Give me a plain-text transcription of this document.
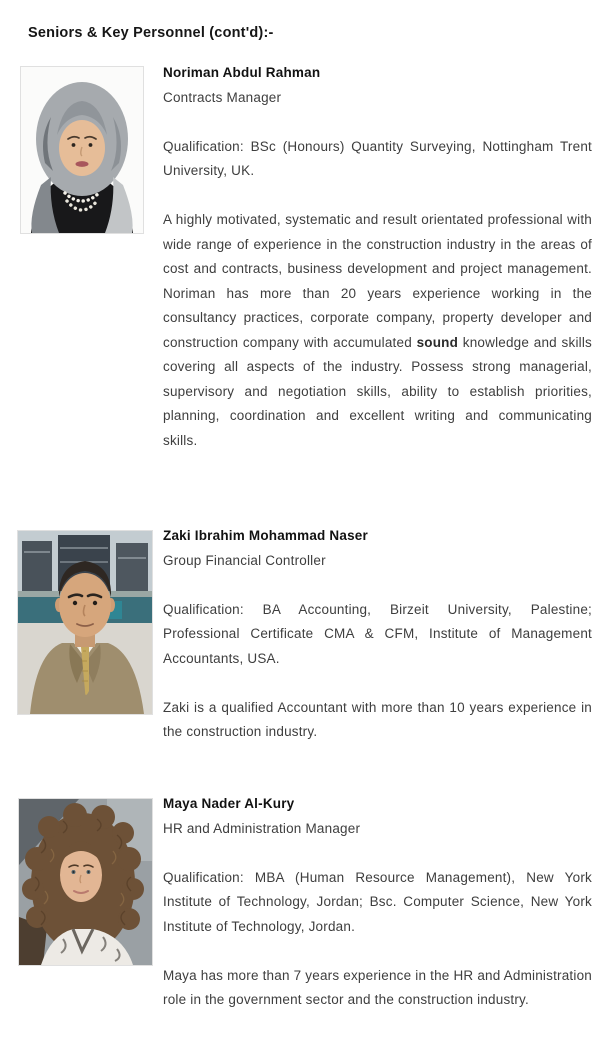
Seniors & Key Personnel (cont'd):-
Noriman Abdul Rahman
Contracts Manager

Qualification: BSc (Honours) Quantity Surveying, Nottingham Trent University, UK.

A highly motivated, systematic and result orientated professional with wide range of experience in the construction industry in the areas of cost and contracts, business development and project management. Noriman has more than 20 years experience working in the consultancy practices, corporate company, property developer and construction company with accumulated sound knowledge and skills covering all aspects of the industry. Possess strong managerial, supervisory and negotiation skills, ability to establish priorities, planning, coordination and excellent writing and communicating skills.

Zaki Ibrahim Mohammad Naser
Group Financial Controller

Qualification: BA Accounting, Birzeit University, Palestine; Professional Certificate CMA & CFM, Institute of Management Accountants, USA.

Zaki is a qualified Accountant with more than 10 years experience in the construction industry.

Maya Nader Al-Kury
HR and Administration Manager

Qualification: MBA (Human Resource Management), New York Institute of Technology, Jordan; Bsc. Computer Science, New York Institute of Technology, Jordan.

Maya has more than 7 years experience in the HR and Administration role in the government sector and the construction industry.
